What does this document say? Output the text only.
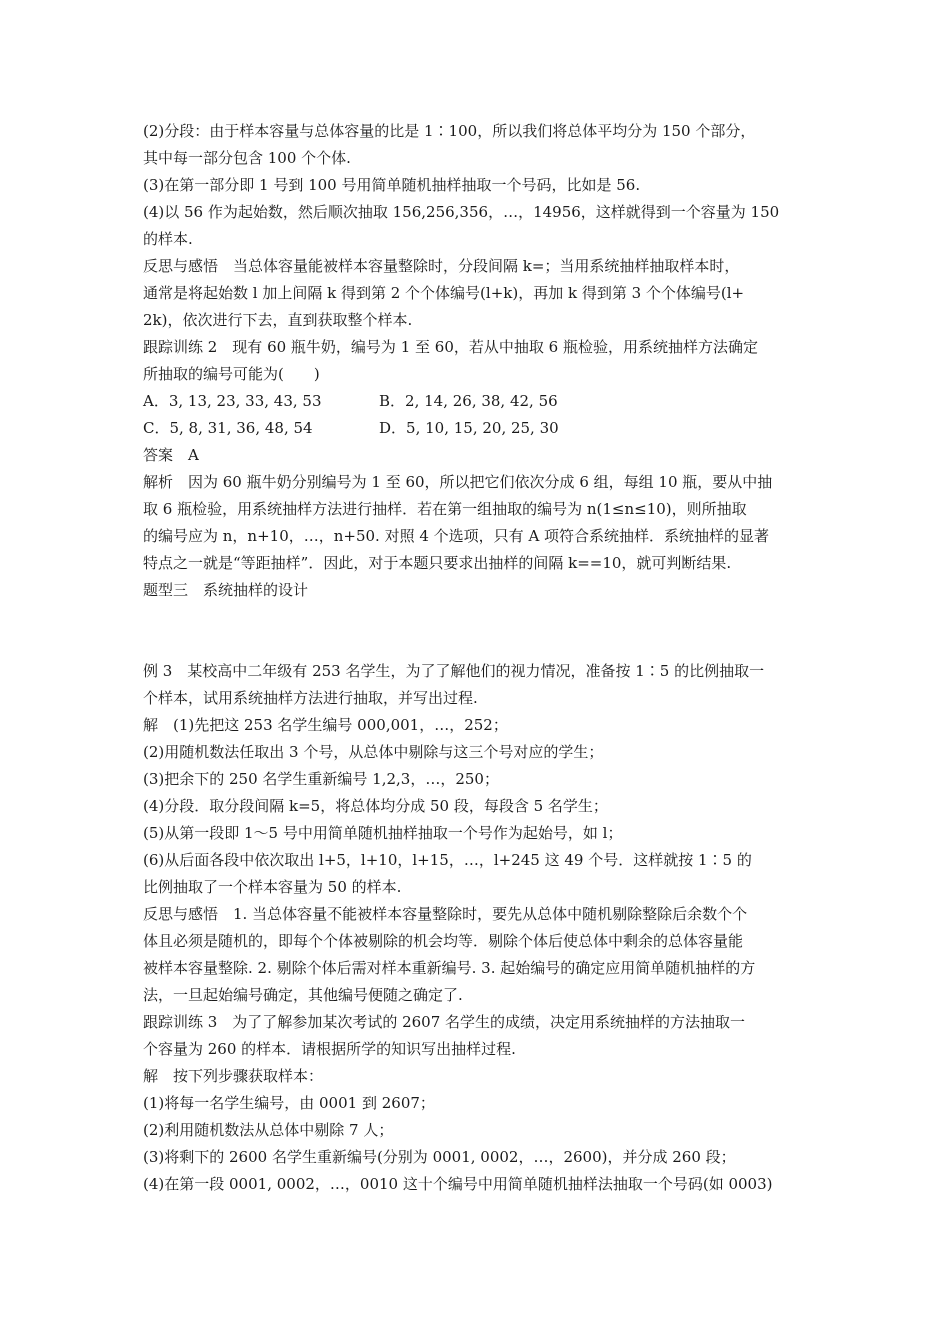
(2)分段：由于样本容量与总体容量的比是 1∶100，所以我们将总体平均分为 150 个部分，
其中每一部分包含 100 个个体.
(3)在第一部分即 1 号到 100 号用简单随机抽样抽取一个号码，比如是 56.
(4)以 56 作为起始数，然后顺次抽取 156,256,356，…，14956，这样就得到一个容量为 150
的样本.
反思与感悟　当总体容量能被样本容量整除时，分段间隔 k=；当用系统抽样抽取样本时，
通常是将起始数 l 加上间隔 k 得到第 2 个个体编号(l+k)，再加 k 得到第 3 个个体编号(l+
2k)，依次进行下去，直到获取整个样本.
跟踪训练 2　现有 60 瓶牛奶，编号为 1 至 60，若从中抽取 6 瓶检验，用系统抽样方法确定
所抽取的编号可能为(　　)
A．3, 13, 23, 33, 43, 53	B．2, 14, 26, 38, 42, 56
C．5, 8, 31, 36, 48, 54	D．5, 10, 15, 20, 25, 30
答案　A
解析　因为 60 瓶牛奶分别编号为 1 至 60，所以把它们依次分成 6 组，每组 10 瓶，要从中抽
取 6 瓶检验，用系统抽样方法进行抽样．若在第一组抽取的编号为 n(1≤n≤10)，则所抽取
的编号应为 n，n+10，…，n+50. 对照 4 个选项，只有 A 项符合系统抽样．系统抽样的显著
特点之一就是“等距抽样”．因此，对于本题只要求出抽样的间隔 k==10，就可判断结果.
题型三　系统抽样的设计
例 3　某校高中二年级有 253 名学生，为了了解他们的视力情况，准备按 1∶5 的比例抽取一
个样本，试用系统抽样方法进行抽取，并写出过程.
解　(1)先把这 253 名学生编号 000,001，…，252；
(2)用随机数法任取出 3 个号，从总体中剔除与这三个号对应的学生；
(3)把余下的 250 名学生重新编号 1,2,3，…，250；
(4)分段．取分段间隔 k=5，将总体均分成 50 段，每段含 5 名学生；
(5)从第一段即 1～5 号中用简单随机抽样抽取一个号作为起始号，如 l；
(6)从后面各段中依次取出 l+5，l+10，l+15，…，l+245 这 49 个号．这样就按 1∶5 的
比例抽取了一个样本容量为 50 的样本.
反思与感悟　1. 当总体容量不能被样本容量整除时，要先从总体中随机剔除整除后余数个个
体且必须是随机的，即每个个体被剔除的机会均等．剔除个体后使总体中剩余的总体容量能
被样本容量整除. 2. 剔除个体后需对样本重新编号. 3. 起始编号的确定应用简单随机抽样的方
法，一旦起始编号确定，其他编号便随之确定了.
跟踪训练 3　为了了解参加某次考试的 2607 名学生的成绩，决定用系统抽样的方法抽取一
个容量为 260 的样本．请根据所学的知识写出抽样过程.
解　按下列步骤获取样本：
(1)将每一名学生编号，由 0001 到 2607；
(2)利用随机数法从总体中剔除 7 人；
(3)将剩下的 2600 名学生重新编号(分别为 0001, 0002，…，2600)，并分成 260 段；
(4)在第一段 0001, 0002，…，0010 这十个编号中用简单随机抽样法抽取一个号码(如 0003)
